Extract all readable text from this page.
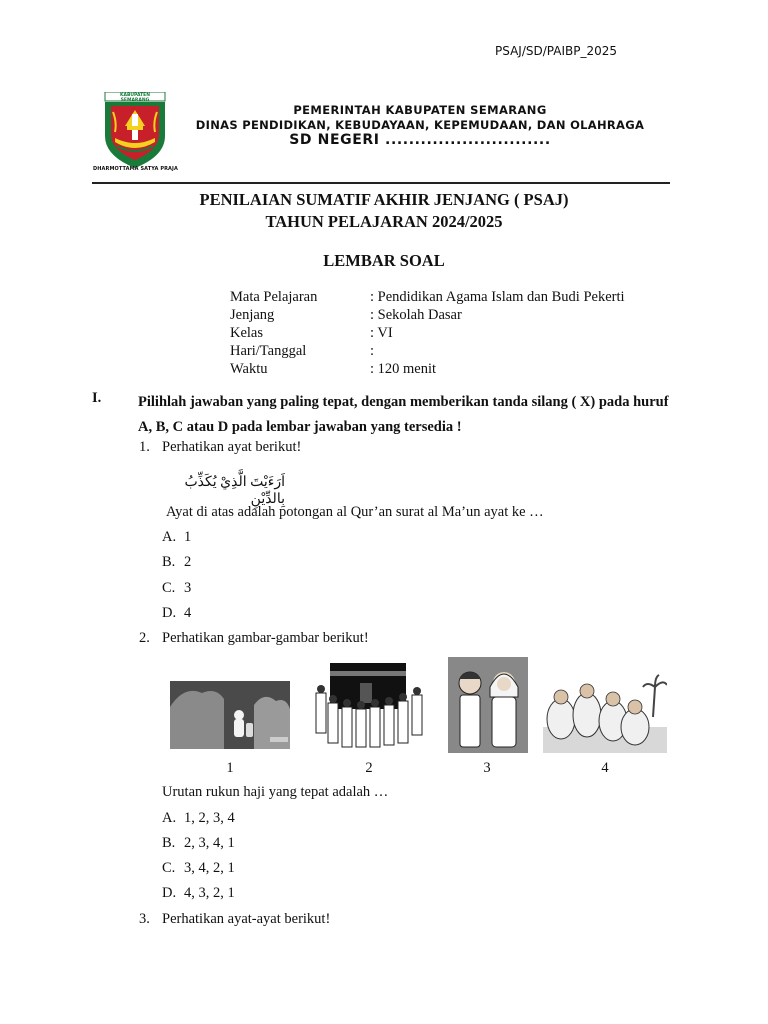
PSAJ/SD/PAIBP_2025
KABUPATEN SEMARANG
DHARMOTTAMA SATYA PRAJA
PEMERINTAH KABUPATEN SEMARANG
DINAS PENDIDIKAN, KEBUDAYAAN, KEPEMUDAAN, DAN OLAHRAGA
SD NEGERI ............................
PENILAIAN SUMATIF AKHIR JENJANG ( PSAJ)
TAHUN PELAJARAN 2024/2025
LEMBAR SOAL
Mata Pelajaran	: Pendidikan Agama Islam dan Budi Pekerti
Jenjang	: Sekolah Dasar
Kelas	: VI
Hari/Tanggal	:
Waktu	: 120 menit
I.	Pilihlah jawaban yang paling tepat, dengan memberikan tanda silang ( X) pada huruf A, B, C atau D pada lembar jawaban yang tersedia !
1. Perhatikan ayat berikut!
اَرَءَيْتَ الَّذِيْ يُكَذِّبُ بِالدِّيْنِ
Ayat di atas adalah potongan al Qur’an surat al Ma’un ayat ke …
A. 1
B. 2
C. 3
D. 4
2. Perhatikan gambar-gambar berikut!
1	2	3	4
Urutan rukun haji yang tepat adalah …
A. 1, 2, 3, 4
B. 2, 3, 4, 1
C. 3, 4, 2, 1
D. 4, 3, 2, 1
3. Perhatikan ayat-ayat berikut!
